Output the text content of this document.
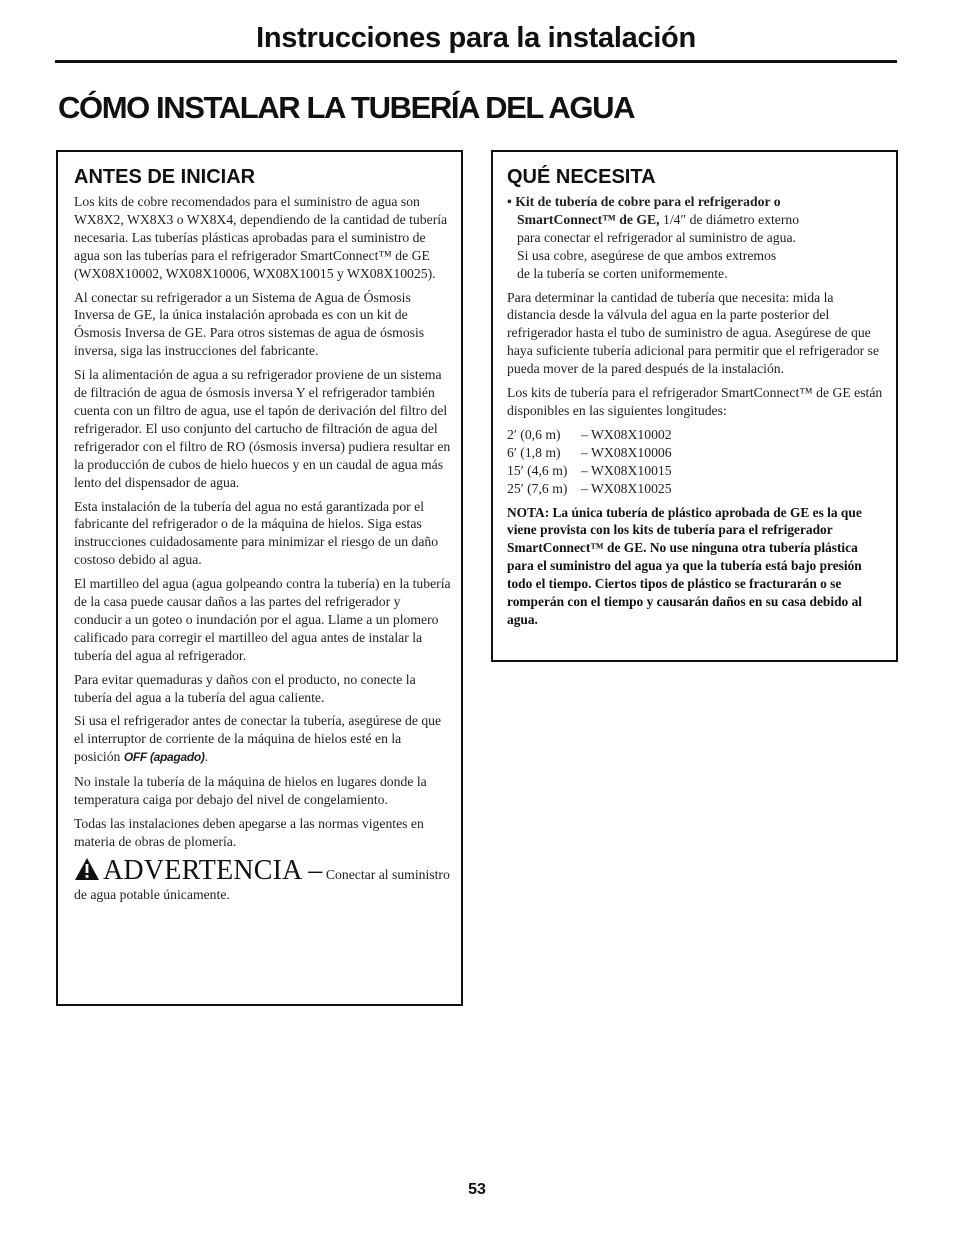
Instrucciones para la instalación
CÓMO INSTALAR LA TUBERÍA DEL AGUA
ANTES DE INICIAR

Los kits de cobre recomendados para el suministro de agua son WX8X2, WX8X3 o WX8X4, dependiendo de la cantidad de tubería necesaria. Las tuberías plásticas aprobadas para el suministro de agua son las tuberías para el refrigerador SmartConnect™ de GE (WX08X10002, WX08X10006, WX08X10015 y WX08X10025).

Al conectar su refrigerador a un Sistema de Agua de Ósmosis Inversa de GE, la única instalación aprobada es con un kit de Ósmosis Inversa de GE. Para otros sistemas de agua de ósmosis inversa, siga las instrucciones del fabricante.

Si la alimentación de agua a su refrigerador proviene de un sistema de filtración de agua de ósmosis inversa Y el refrigerador también cuenta con un filtro de agua, use el tapón de derivación del filtro del refrigerador. El uso conjunto del cartucho de filtración de agua del refrigerador con el filtro de RO (ósmosis inversa) pudiera resultar en la producción de cubos de hielo huecos y en un caudal de agua más lento del dispensador de agua.

Esta instalación de la tubería del agua no está garantizada por el fabricante del refrigerador o de la máquina de hielos. Siga estas instrucciones cuidadosamente para minimizar el riesgo de un daño costoso debido al agua.

El martilleo del agua (agua golpeando contra la tubería) en la tubería de la casa puede causar daños a las partes del refrigerador y conducir a un goteo o inundación por el agua. Llame a un plomero calificado para corregir el martilleo del agua antes de instalar la tubería del agua al refrigerador.

Para evitar quemaduras y daños con el producto, no conecte la tubería del agua a la tubería del agua caliente.

Si usa el refrigerador antes de conectar la tubería, asegúrese de que el interruptor de corriente de la máquina de hielos esté en la posición OFF (apagado).

No instale la tubería de la máquina de hielos en lugares donde la temperatura caiga por debajo del nivel de congelamiento.

Todas las instalaciones deben apegarse a las normas vigentes en materia de obras de plomería.

ADVERTENCIA – Conectar al suministro de agua potable únicamente.
QUÉ NECESITA
• Kit de tubería de cobre para el refrigerador o
SmartConnect™ de GE, 1/4″ de diámetro externo
para conectar el refrigerador al suministro de agua.
Si usa cobre, asegúrese de que ambos extremos
de la tubería se corten uniformemente.

Para determinar la cantidad de tubería que necesita: mida la distancia desde la válvula del agua en la parte posterior del refrigerador hasta el tubo de suministro de agua. Asegúrese de que haya suficiente tubería adicional para permitir que el refrigerador se pueda mover de la pared después de la instalación.

Los kits de tubería para el refrigerador SmartConnect™ de GE están disponibles en las siguientes longitudes:

2′ (0,6 m)	– WX08X10002
6′ (1,8 m)	– WX08X10006
15′ (4,6 m) – WX08X10015
25′ (7,6 m) – WX08X10025

NOTA: La única tubería de plástico aprobada de GE es la que viene provista con los kits de tubería para el refrigerador SmartConnect™ de GE. No use ninguna otra tubería plástica para el suministro del agua ya que la tubería está bajo presión todo el tiempo. Ciertos tipos de plástico se fracturarán o se romperán con el tiempo y causarán daños en su casa debido al agua.

53
